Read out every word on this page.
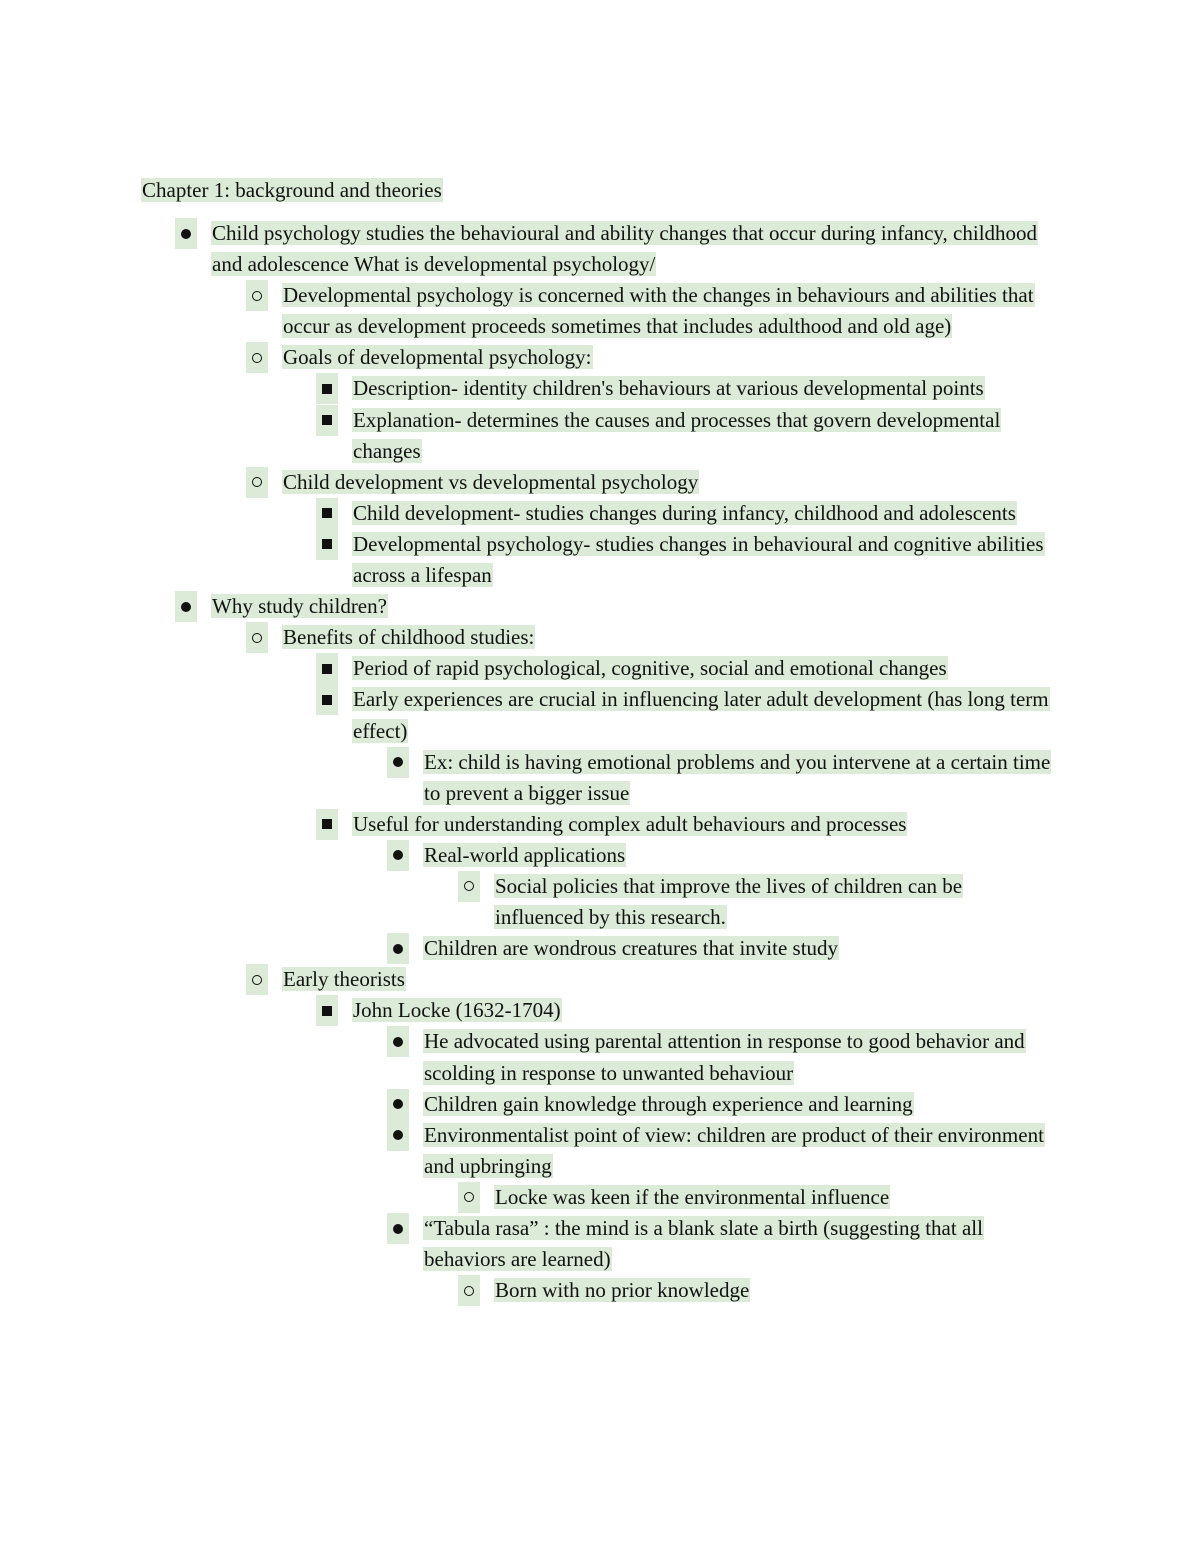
Chapter 1: background and theories
Child psychology studies the behavioural and ability changes that occur during infancy, childhood and adolescence What is developmental psychology/
Developmental psychology is concerned with the changes in behaviours and abilities that occur as development proceeds sometimes that includes adulthood and old age)
Goals of developmental psychology:
Description- identity children's behaviours at various developmental points
Explanation- determines the causes and processes that govern developmental changes
Child development vs developmental psychology
Child development- studies changes during infancy, childhood and adolescents
Developmental psychology- studies changes in behavioural and cognitive abilities across a lifespan
Why study children?
Benefits of childhood studies:
Period of rapid psychological, cognitive, social and emotional changes
Early experiences are crucial in influencing later adult development (has long term effect)
Ex: child is having emotional problems and you intervene at a certain time to prevent a bigger issue
Useful for understanding complex adult behaviours and processes
Real-world applications
Social policies that improve the lives of children can be influenced by this research.
Children are wondrous creatures that invite study
Early theorists
John Locke (1632-1704)
He advocated using parental attention in response to good behavior and scolding in response to unwanted behaviour
Children gain knowledge through experience and learning
Environmentalist point of view: children are product of their environment and upbringing
Locke was keen if the environmental influence
“Tabula rasa” : the mind is a blank slate a birth (suggesting that all behaviors are learned)
Born with no prior knowledge
